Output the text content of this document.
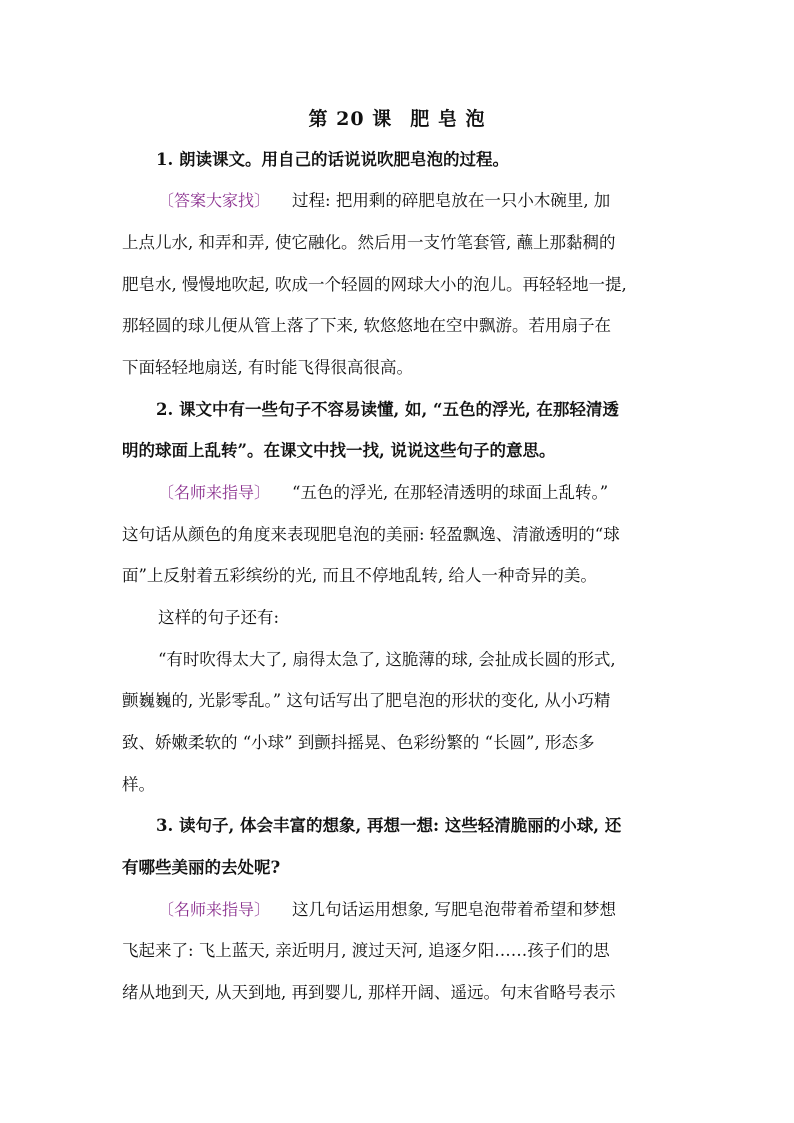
第 20 课 肥 皂 泡
1. 朗读课文。用自己的话说说吹肥皂泡的过程。
〔答案大家找〕 过程: 把用剩的碎肥皂放在一只小木碗里, 加
上点儿水, 和弄和弄, 使它融化。然后用一支竹笔套管, 蘸上那黏稠的
肥皂水, 慢慢地吹起, 吹成一个轻圆的网球大小的泡儿。再轻轻地一提,
那轻圆的球儿便从管上落了下来, 软悠悠地在空中飘游。若用扇子在
下面轻轻地扇送, 有时能飞得很高很高。
2. 课文中有一些句子不容易读懂, 如, “五色的浮光, 在那轻清透
明的球面上乱转”。在课文中找一找, 说说这些句子的意思。
〔名师来指导〕 “五色的浮光, 在那轻清透明的球面上乱转。”
这句话从颜色的角度来表现肥皂泡的美丽: 轻盈飘逸、清澈透明的“球
面”上反射着五彩缤纷的光, 而且不停地乱转, 给人一种奇异的美。
这样的句子还有:
“有时吹得太大了, 扇得太急了, 这脆薄的球, 会扯成长圆的形式,
颤巍巍的, 光影零乱。” 这句话写出了肥皂泡的形状的变化, 从小巧精
致、娇嫩柔软的 “小球” 到颤抖摇晃、色彩纷繁的 “长圆”, 形态多
样。
3. 读句子, 体会丰富的想象, 再想一想: 这些轻清脆丽的小球, 还
有哪些美丽的去处呢?
〔名师来指导〕 这几句话运用想象, 写肥皂泡带着希望和梦想
飞起来了: 飞上蓝天, 亲近明月, 渡过天河, 追逐夕阳……孩子们的思
绪从地到天, 从天到地, 再到婴儿, 那样开阔、遥远。句末省略号表示
